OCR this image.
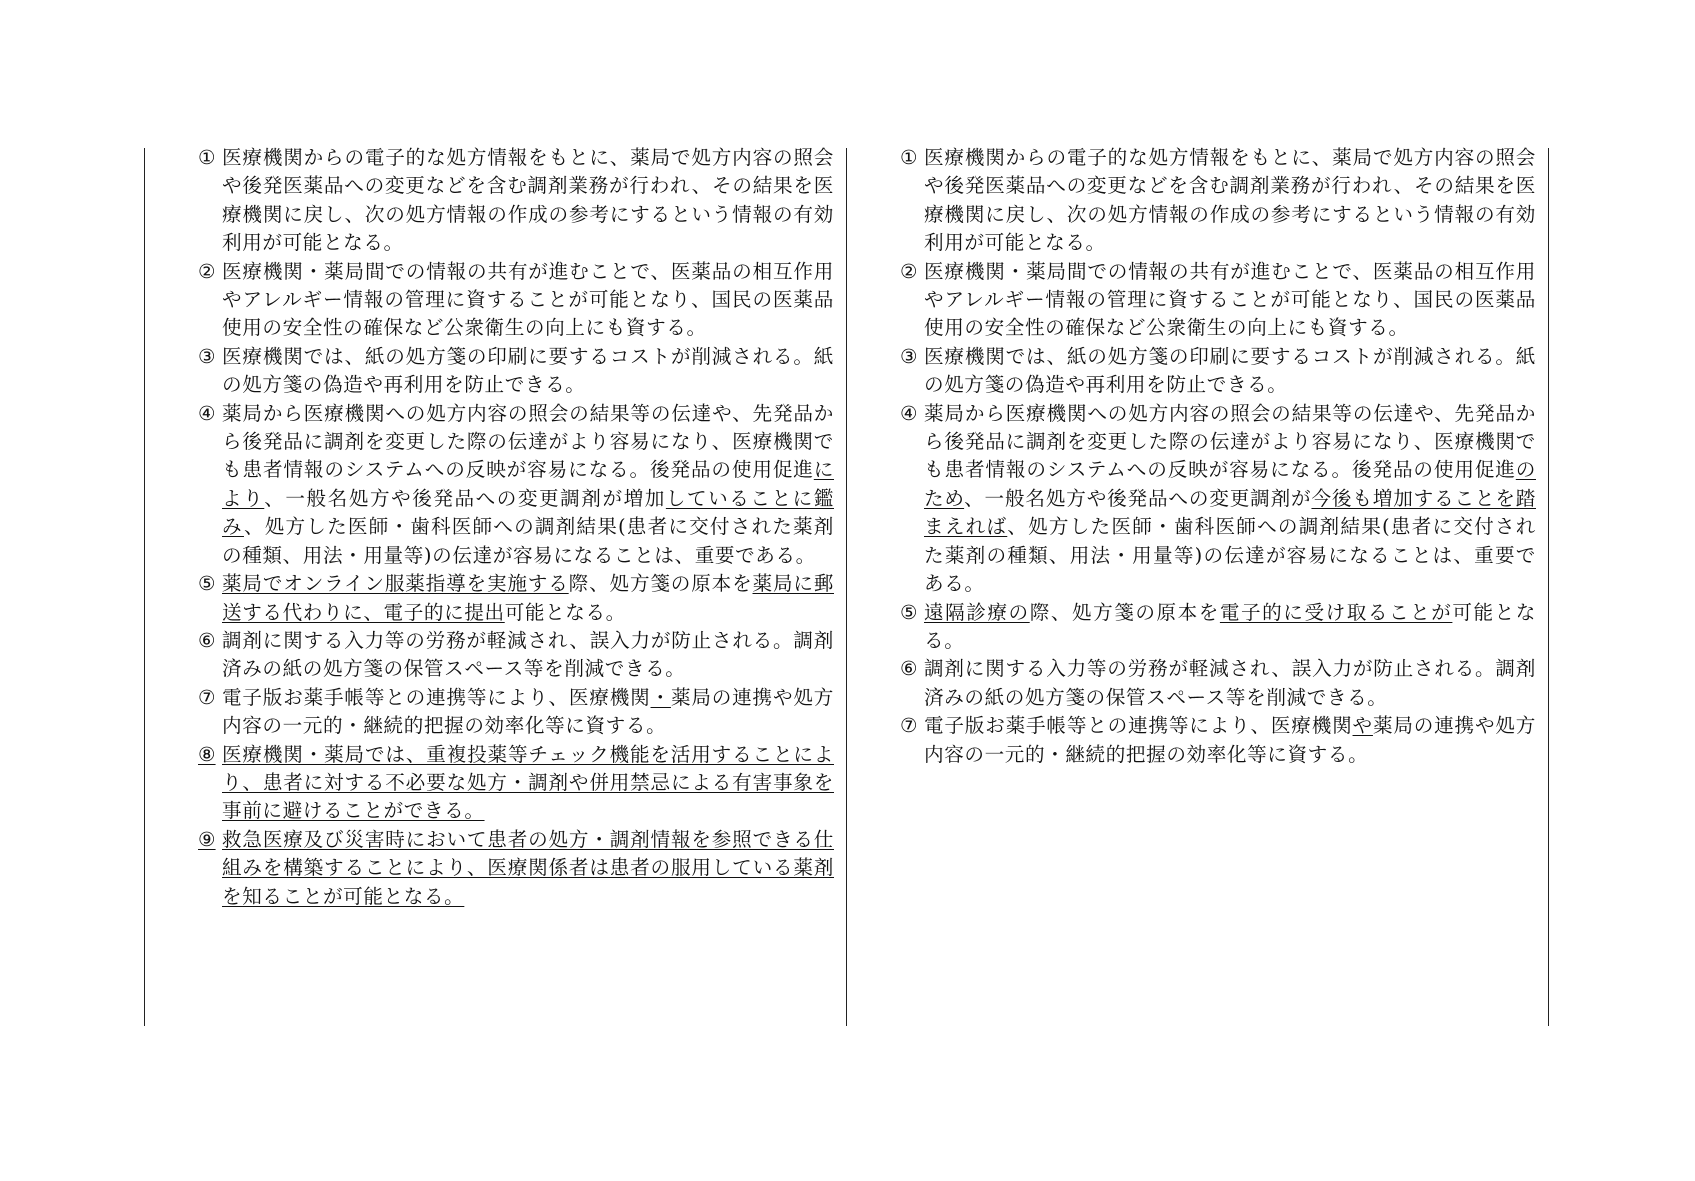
① 医療機関からの電子的な処方情報をもとに、薬局で処方内容の照会や後発医薬品への変更などを含む調剤業務が行われ、その結果を医療機関に戻し、次の処方情報の作成の参考にするという情報の有効利用が可能となる。
② 医療機関・薬局間での情報の共有が進むことで、医薬品の相互作用やアレルギー情報の管理に資することが可能となり、国民の医薬品使用の安全性の確保など公衆衛生の向上にも資する。
③ 医療機関では、紙の処方箋の印刷に要するコストが削減される。紙の処方箋の偽造や再利用を防止できる。
④ 薬局から医療機関への処方内容の照会の結果等の伝達や、先発品から後発品に調剤を変更した際の伝達がより容易になり、医療機関でも患者情報のシステムへの反映が容易になる。後発品の使用促進により、一般名処方や後発品への変更調剤が増加していることに鑑み、処方した医師・歯科医師への調剤結果(患者に交付された薬剤の種類、用法・用量等)の伝達が容易になることは、重要である。
⑤ 薬局でオンライン服薬指導を実施する際、処方箋の原本を薬局に郵送する代わりに、電子的に提出可能となる。
⑥ 調剤に関する入力等の労務が軽減され、誤入力が防止される。調剤済みの紙の処方箋の保管スペース等を削減できる。
⑦ 電子版お薬手帳等との連携等により、医療機関・薬局の連携や処方内容の一元的・継続的把握の効率化等に資する。
⑧ 医療機関・薬局では、重複投薬等チェック機能を活用することにより、患者に対する不必要な処方・調剤や併用禁忌による有害事象を事前に避けることができる。
⑨ 救急医療及び災害時において患者の処方・調剤情報を参照できる仕組みを構築することにより、医療関係者は患者の服用している薬剤を知ることが可能となる。
① 医療機関からの電子的な処方情報をもとに、薬局で処方内容の照会や後発医薬品への変更などを含む調剤業務が行われ、その結果を医療機関に戻し、次の処方情報の作成の参考にするという情報の有効利用が可能となる。
② 医療機関・薬局間での情報の共有が進むことで、医薬品の相互作用やアレルギー情報の管理に資することが可能となり、国民の医薬品使用の安全性の確保など公衆衛生の向上にも資する。
③ 医療機関では、紙の処方箋の印刷に要するコストが削減される。紙の処方箋の偽造や再利用を防止できる。
④ 薬局から医療機関への処方内容の照会の結果等の伝達や、先発品から後発品に調剤を変更した際の伝達がより容易になり、医療機関でも患者情報のシステムへの反映が容易になる。後発品の使用促進のため、一般名処方や後発品への変更調剤が今後も増加することを踏まえれば、処方した医師・歯科医師への調剤結果(患者に交付された薬剤の種類、用法・用量等)の伝達が容易になることは、重要である。
⑤ 遠隔診療の際、処方箋の原本を電子的に受け取ることが可能となる。
⑥ 調剤に関する入力等の労務が軽減され、誤入力が防止される。調剤済みの紙の処方箋の保管スペース等を削減できる。
⑦ 電子版お薬手帳等との連携等により、医療機関や薬局の連携や処方内容の一元的・継続的把握の効率化等に資する。
